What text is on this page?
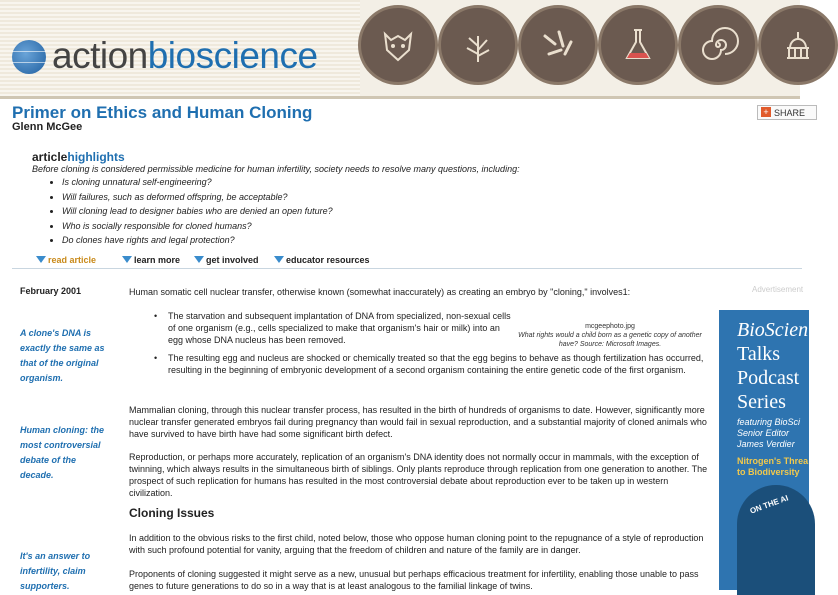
actionbioscience
Primer on Ethics and Human Cloning
Glenn McGee
+ SHARE
articlehighlights
Before cloning is considered permissible medicine for human infertility, society needs to resolve many questions, including:
• Is cloning unnatural self-engineering?
• Will failures, such as deformed offspring, be acceptable?
• Will cloning lead to designer babies who are denied an open future?
• Who is socially responsible for cloned humans?
• Do clones have rights and legal protection?
read article	learn more	get involved	educator resources
February 2001
A clone's DNA is exactly the same as that of the original organism.
Human cloning: the most controversial debate of the decade.
It's an answer to infertility, claim supporters.
Human somatic cell nuclear transfer, otherwise known (somewhat inaccurately) as creating an embryo by "cloning," involves1:
• The starvation and subsequent implantation of DNA from specialized, non-sexual cells of one organism (e.g., cells specialized to make that organism's hair or milk) into an egg whose DNA nucleus has been removed.
• The resulting egg and nucleus are shocked or chemically treated so that the egg begins to behave as though fertilization has occurred, resulting in the beginning of embryonic development of a second organism containing the entire genetic code of the first organism.
mcgeephoto.jpg
What rights would a child born as a genetic copy of another have? Source: Microsoft Images.
Mammalian cloning, through this nuclear transfer process, has resulted in the birth of hundreds of organisms to date. However, significantly more nuclear transfer generated embryos fail during pregnancy than would fail in sexual reproduction, and a substantial majority of cloned animals who have survived to have birth have had some significant birth defect.
Reproduction, or perhaps more accurately, replication of an organism's DNA identity does not normally occur in mammals, with the exception of twinning, which always results in the simultaneous birth of siblings. Only plants reproduce through replication from one generation to another. The prospect of such replication for humans has resulted in the most controversial debate about reproduction ever to be taken up in western civilization.
Cloning Issues
In addition to the obvious risks to the first child, noted below, those who oppose human cloning point to the repugnance of a style of reproduction with such profound potential for vanity, arguing that the freedom of children and nature of the family are in danger.
Proponents of cloning suggested it might serve as a new, unusual but perhaps efficacious treatment for infertility, enabling those unable to pass genes to future generations to do so in a way that is at least analogous to the familial linkage of twins.
Advertisement
BioScien
Talks
Podcast
Series
featuring BioSci
Senior Editor
James Verdier
Nitrogen's Threa
to Biodiversity
ON THE AI
